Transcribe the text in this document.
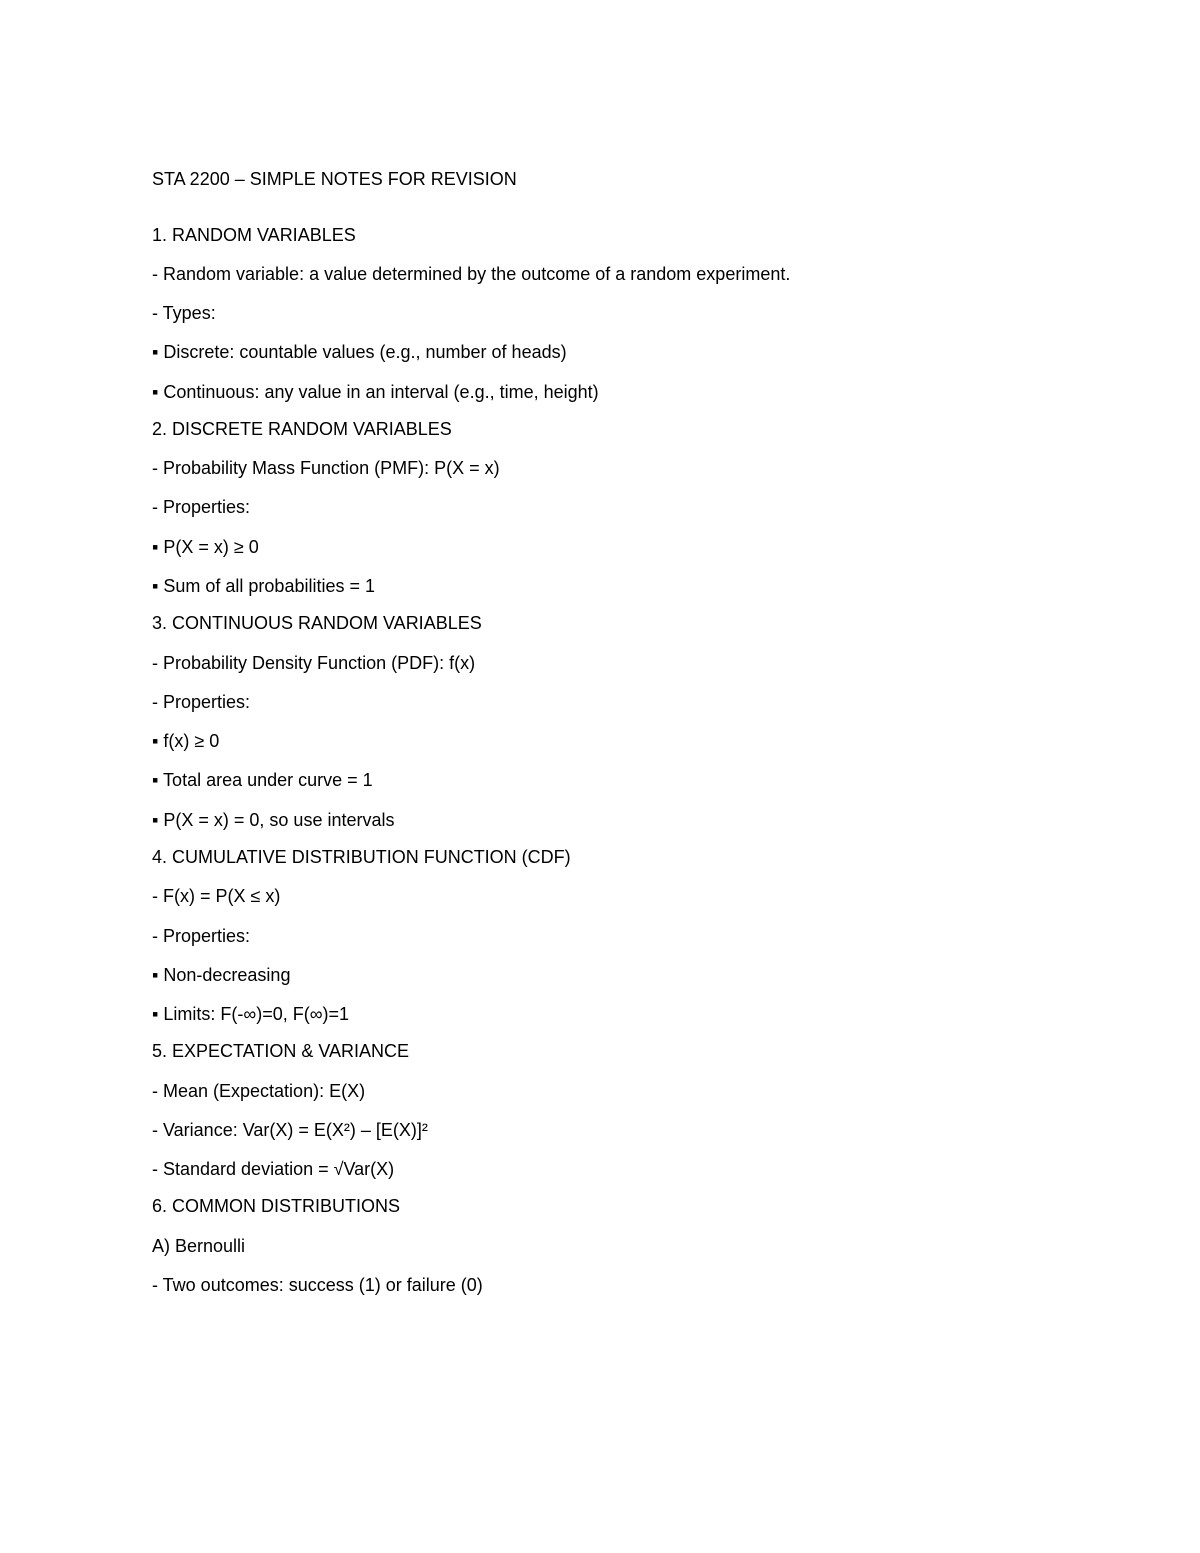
STA 2200 – SIMPLE NOTES FOR REVISION
1. RANDOM VARIABLES
- Random variable: a value determined by the outcome of a random experiment.
- Types:
▪ Discrete: countable values (e.g., number of heads)
▪ Continuous: any value in an interval (e.g., time, height)
2. DISCRETE RANDOM VARIABLES
- Probability Mass Function (PMF): P(X = x)
- Properties:
▪ P(X = x) ≥ 0
▪ Sum of all probabilities = 1
3. CONTINUOUS RANDOM VARIABLES
- Probability Density Function (PDF): f(x)
- Properties:
▪ f(x) ≥ 0
▪ Total area under curve = 1
▪ P(X = x) = 0, so use intervals
4. CUMULATIVE DISTRIBUTION FUNCTION (CDF)
- F(x) = P(X ≤ x)
- Properties:
▪ Non-decreasing
▪ Limits: F(-∞)=0, F(∞)=1
5. EXPECTATION & VARIANCE
- Mean (Expectation): E(X)
- Variance: Var(X) = E(X²) – [E(X)]²
- Standard deviation = √Var(X)
6. COMMON DISTRIBUTIONS
A) Bernoulli
- Two outcomes: success (1) or failure (0)
